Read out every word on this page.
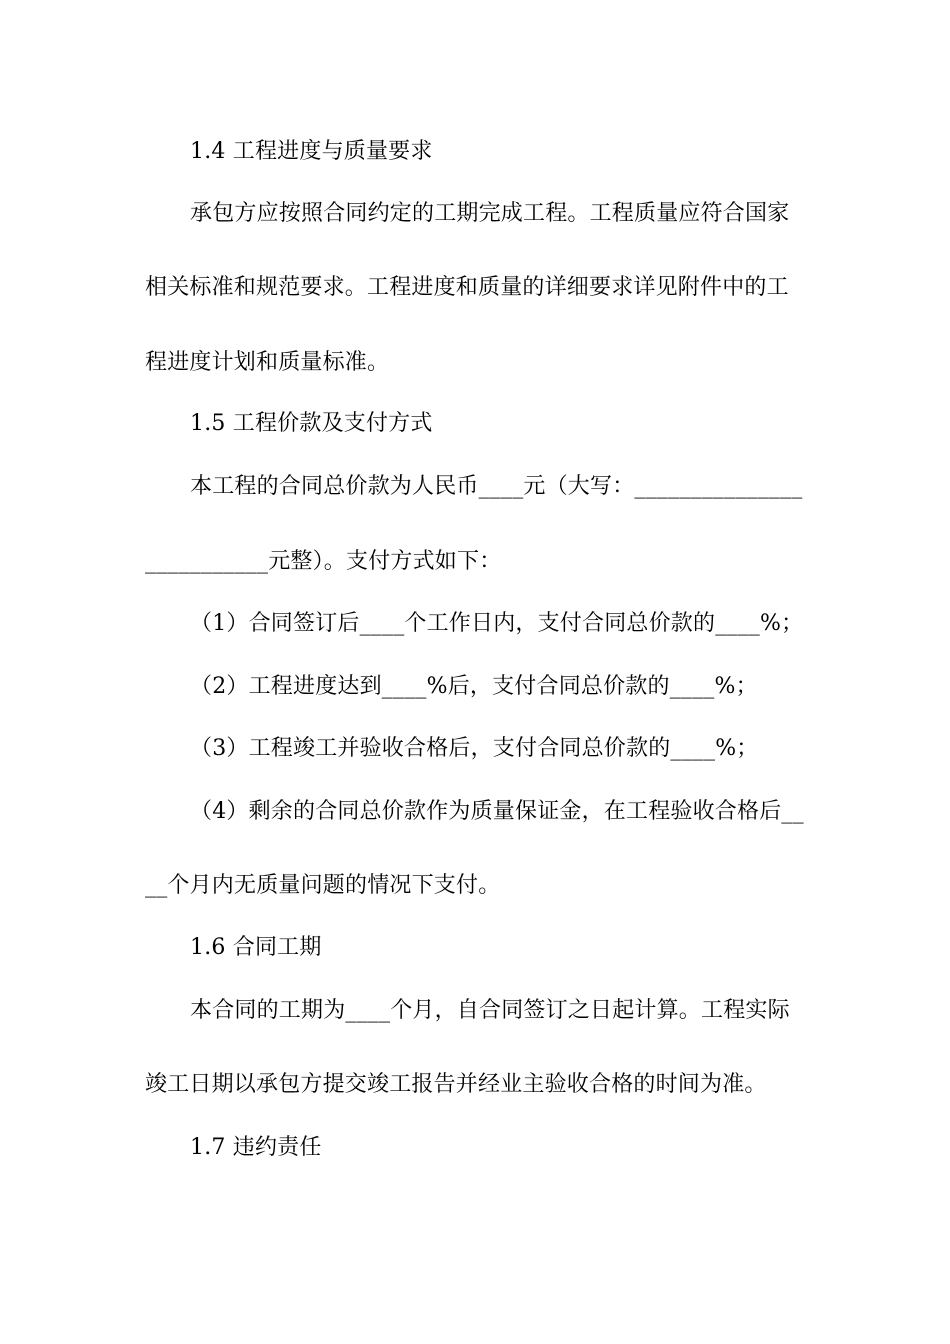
1.4 工程进度与质量要求
承包方应按照合同约定的工期完成工程。工程质量应符合国家
相关标准和规范要求。工程进度和质量的详细要求详见附件中的工
程进度计划和质量标准。
1.5 工程价款及支付方式
本工程的合同总价款为人民币____元（大写：_______________
___________元整）。支付方式如下：
（1）合同签订后____个工作日内，支付合同总价款的____%；
（2）工程进度达到____%后，支付合同总价款的____%；
（3）工程竣工并验收合格后，支付合同总价款的____%；
（4）剩余的合同总价款作为质量保证金，在工程验收合格后__
__个月内无质量问题的情况下支付。
1.6 合同工期
本合同的工期为____个月，自合同签订之日起计算。工程实际
竣工日期以承包方提交竣工报告并经业主验收合格的时间为准。
1.7 违约责任
